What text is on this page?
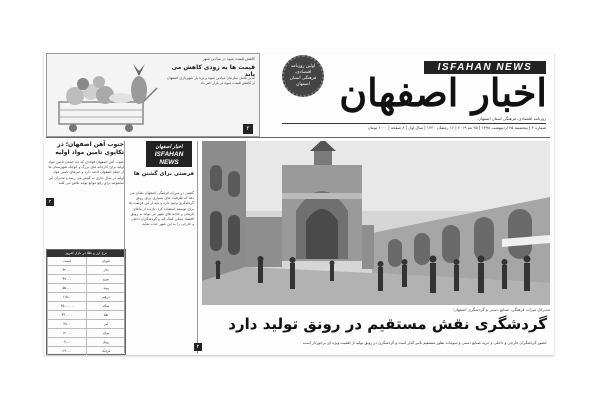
کاهش قیمت میوه در میادین شهر
قیمت ها به زودی کاهش می یابد
مدیر عامل سازمان میادین میوه و تره بار شهرداری اصفهان از کاهش قیمت میوه در بازار خبر داد
۲
اولین روزنامه اقتصادی، فرهنگی استان اصفهان
ISFAHAN NEWS
اخبار اصفهان
روزنامه اقتصادی، فرهنگی استان اصفهان
شماره ۳ | پنجشنبه ۲۵ اردیبهشت ۱۳۹۸ | ۲۵ مه ۲۰۱۹ | ۱۶ رمضان ۱۴۴۰ | سال اول | ۸ صفحه | ۱۰۰۰ تومان
جنوب آهن اصفهان؛ در تکاپوی تامین مواد اولیه
جنوب آهن اصفهان فولادی که چه جمعی تامین مواد اولیه برای کارخانه های بزرگ و کوچک شهرستان ها از جمله اصفهان ادامه دارد و خبرهای تامین مواد اولیه در سال جاری به گوش می رسد و مدیران این مجموعه برای رفع موانع تولید تلاش می کنند
۲
نرخ ارز و طلا در بازار امروز
قیمت	عنوان
۴۲۰۰۰	دلار
۴۷۰۰۰	یورو
۵۵۰۰۰	پوند
۱۱۵۰۰	درهم
۴۵۰۰۰۰۰	سکه
۴۳۰۰۰۰	طلا
۳۸۰۰	لیر
۱۲۰۰۰	یوان
۶۱۰۰	روبل
۲۹۰۰۰	فرانک
اخبار اصفهان
ISFAHAN
NEWS
فرصتی برای گشتن ها
گشتی در میراث فرهنگی اصفهان نشان می دهد که ظرفیت های بسیاری برای رونق گردشگری وجود دارد و باید از این فرصت ها برای توسعه استفاده کرد. بازدید از بناهای تاریخی و جاذبه های شهر می تواند به رونق اقتصاد محلی کمک کند و گردشگران داخلی و خارجی را به این شهر جذب نماید.
مدیرکل میراث فرهنگی، صنایع دستی و گردشگری اصفهان:
گردشگری نقش مستقیم در رونق تولید دارد
حضور گردشگران خارجی و داخلی و خرید صنایع دستی و سوغات بطور مستقیم تاثیر گذار است و گردشگری در رونق تولید از اهمیت ویژه ای برخوردار است
۲
